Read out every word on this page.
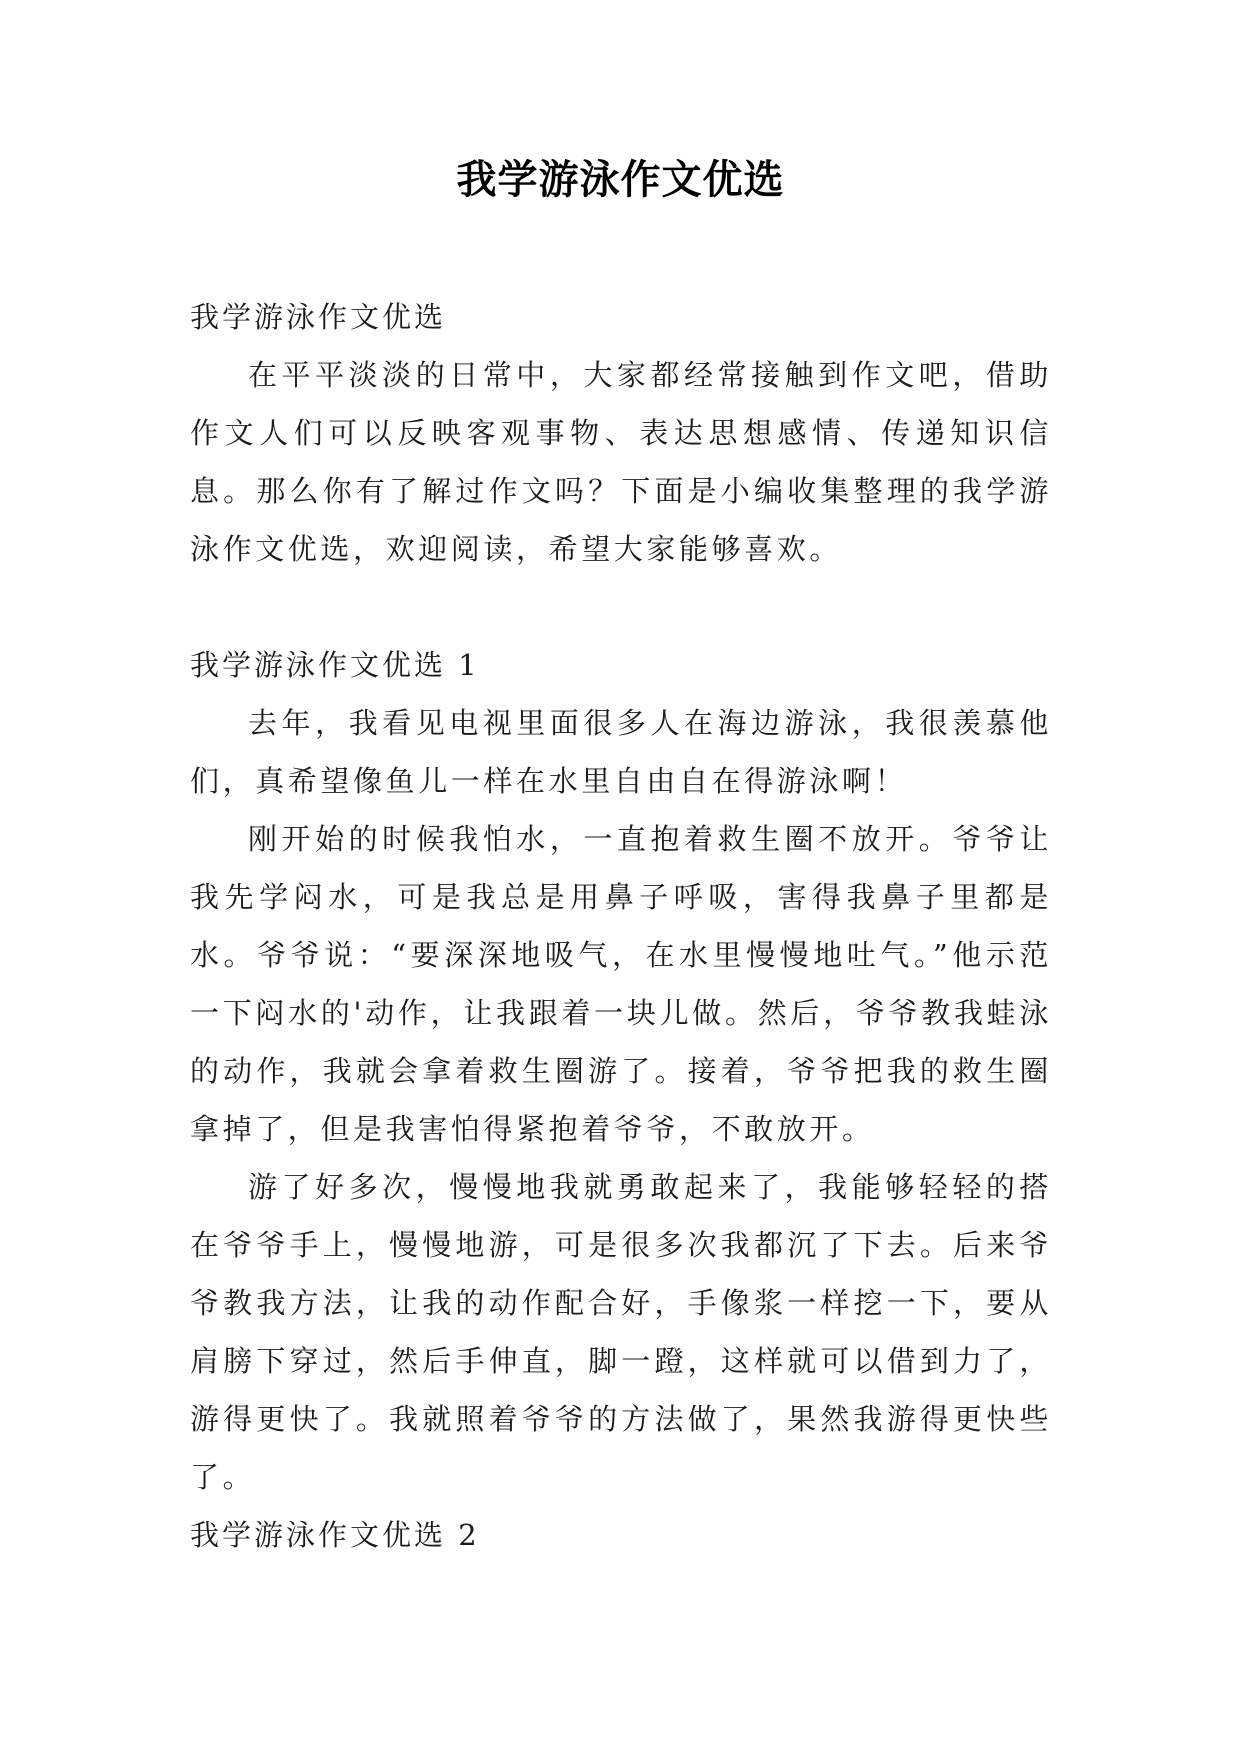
我学游泳作文优选
我学游泳作文优选

在平平淡淡的日常中，大家都经常接触到作文吧，借助作文人们可以反映客观事物、表达思想感情、传递知识信息。那么你有了解过作文吗？下面是小编收集整理的我学游泳作文优选，欢迎阅读，希望大家能够喜欢。

我学游泳作文优选 1

去年，我看见电视里面很多人在海边游泳，我很羡慕他们，真希望像鱼儿一样在水里自由自在得游泳啊！

刚开始的时候我怕水，一直抱着救生圈不放开。爷爷让我先学闷水，可是我总是用鼻子呼吸，害得我鼻子里都是水。爷爷说：“要深深地吸气，在水里慢慢地吐气。”他示范一下闷水的'动作，让我跟着一块儿做。然后，爷爷教我蛙泳的动作，我就会拿着救生圈游了。接着，爷爷把我的救生圈拿掉了，但是我害怕得紧抱着爷爷，不敢放开。

游了好多次，慢慢地我就勇敢起来了，我能够轻轻的搭在爷爷手上，慢慢地游，可是很多次我都沉了下去。后来爷爷教我方法，让我的动作配合好，手像浆一样挖一下，要从肩膀下穿过，然后手伸直，脚一蹬，这样就可以借到力了，游得更快了。我就照着爷爷的方法做了，果然我游得更快些了。

我学游泳作文优选 2
